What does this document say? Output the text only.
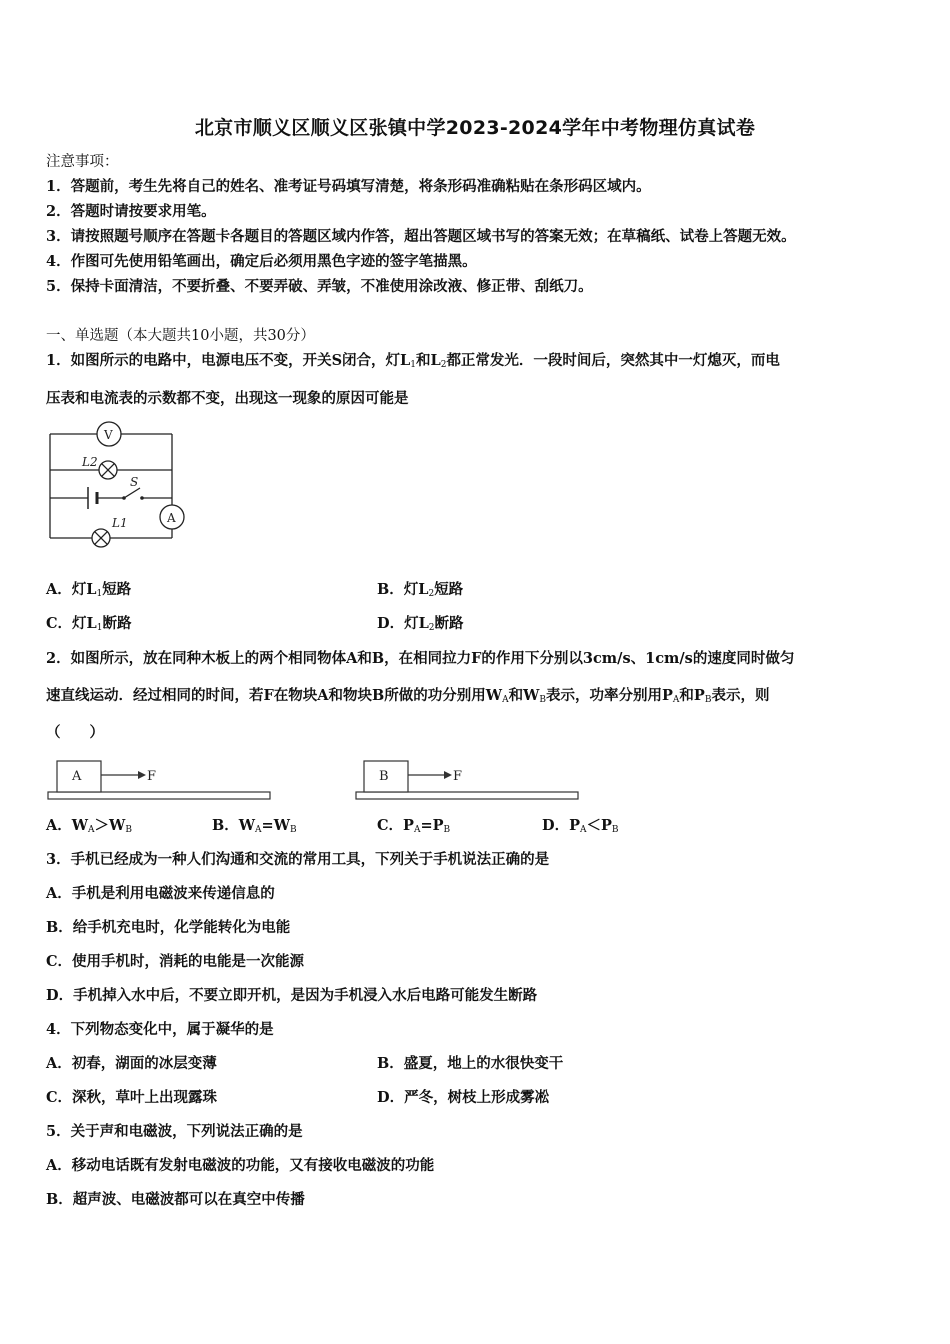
北京市顺义区顺义区张镇中学2023-2024学年中考物理仿真试卷
注意事项：
1．答题前，考生先将自己的姓名、准考证号码填写清楚，将条形码准确粘贴在条形码区域内。
2．答题时请按要求用笔。
3．请按照题号顺序在答题卡各题目的答题区域内作答，超出答题区域书写的答案无效；在草稿纸、试卷上答题无效。
4．作图可先使用铅笔画出，确定后必须用黑色字迹的签字笔描黑。
5．保持卡面清洁，不要折叠、不要弄破、弄皱，不准使用涂改液、修正带、刮纸刀。
一、单选题（本大题共10小题，共30分）
1．如图所示的电路中，电源电压不变，开关S闭合，灯$L_1$和$L_2$都正常发光．一段时间后，突然其中一灯熄灭，而电
压表和电流表的示数都不变，出现这一现象的原因可能是
V
A
L2
S
L1
A．灯$L_1$短路	B．灯$L_2$短路
C．灯$L_1$断路	D．灯$L_2$断路
2．如图所示，放在同种木板上的两个相同物体A和B，在相同拉力F的作用下分别以3cm/s、1cm/s的速度同时做匀
速直线运动．经过相同的时间，若F在物块A和物块B所做的功分别用$W_A$和$W_B$表示，功率分别用$P_A$和$P_B$表示，则
（　　）
A	F	B	F
A．$W_A>W_B$	B．$W_A=W_B$	C．$P_A=P_B$	D．$P_A<P_B$
3．手机已经成为一种人们沟通和交流的常用工具，下列关于手机说法正确的是
A．手机是利用电磁波来传递信息的
B．给手机充电时，化学能转化为电能
C．使用手机时，消耗的电能是一次能源
D．手机掉入水中后，不要立即开机，是因为手机浸入水后电路可能发生断路
4．下列物态变化中，属于凝华的是
A．初春，湖面的冰层变薄	B．盛夏，地上的水很快变干
C．深秋，草叶上出现露珠	D．严冬，树枝上形成雾凇
5．关于声和电磁波，下列说法正确的是
A．移动电话既有发射电磁波的功能，又有接收电磁波的功能
B．超声波、电磁波都可以在真空中传播
